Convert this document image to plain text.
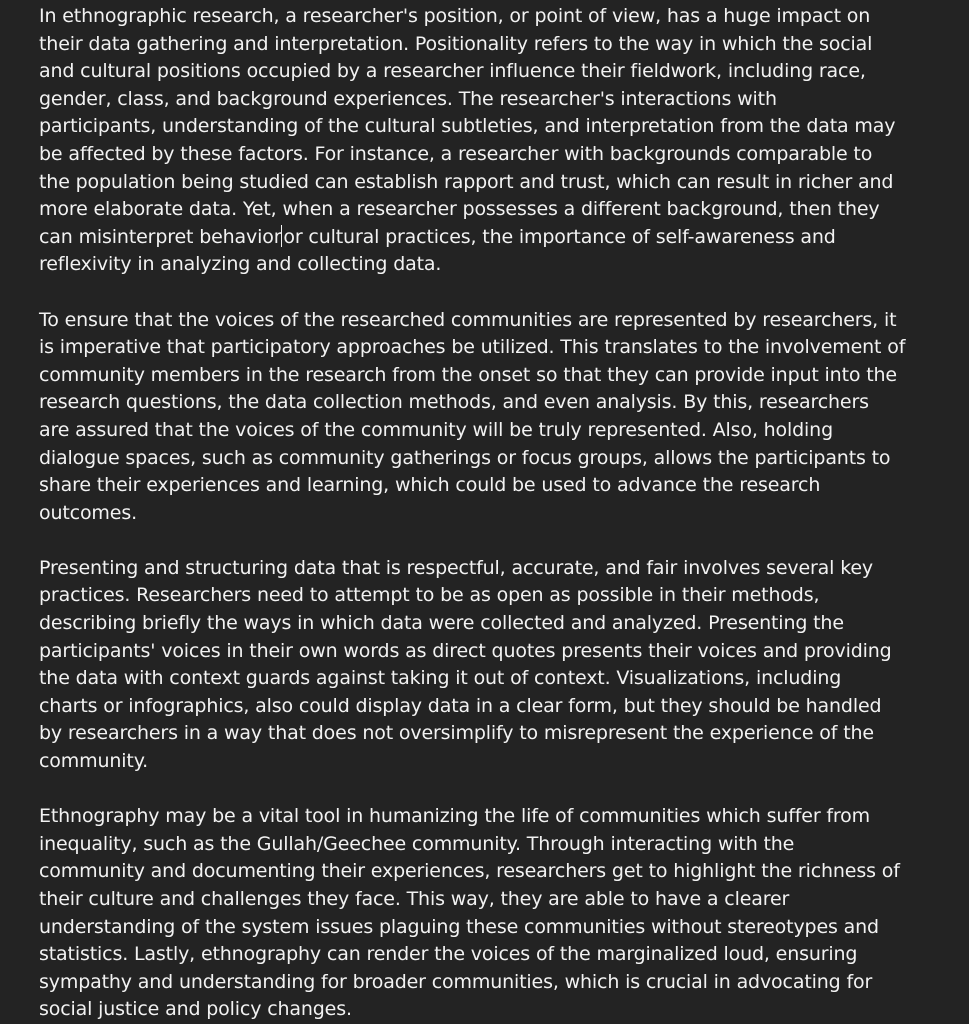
In ethnographic research, a researcher's position, or point of view, has a huge impact on
their data gathering and interpretation. Positionality refers to the way in which the social
and cultural positions occupied by a researcher influence their fieldwork, including race,
gender, class, and background experiences. The researcher's interactions with
participants, understanding of the cultural subtleties, and interpretation from the data may
be affected by these factors. For instance, a researcher with backgrounds comparable to
the population being studied can establish rapport and trust, which can result in richer and
more elaborate data. Yet, when a researcher possesses a different background, then they
can misinterpret behavior or cultural practices, the importance of self-awareness and
reflexivity in analyzing and collecting data.
To ensure that the voices of the researched communities are represented by researchers, it
is imperative that participatory approaches be utilized. This translates to the involvement of
community members in the research from the onset so that they can provide input into the
research questions, the data collection methods, and even analysis. By this, researchers
are assured that the voices of the community will be truly represented. Also, holding
dialogue spaces, such as community gatherings or focus groups, allows the participants to
share their experiences and learning, which could be used to advance the research
outcomes.
Presenting and structuring data that is respectful, accurate, and fair involves several key
practices. Researchers need to attempt to be as open as possible in their methods,
describing briefly the ways in which data were collected and analyzed. Presenting the
participants' voices in their own words as direct quotes presents their voices and providing
the data with context guards against taking it out of context. Visualizations, including
charts or infographics, also could display data in a clear form, but they should be handled
by researchers in a way that does not oversimplify to misrepresent the experience of the
community.
Ethnography may be a vital tool in humanizing the life of communities which suffer from
inequality, such as the Gullah/Geechee community. Through interacting with the
community and documenting their experiences, researchers get to highlight the richness of
their culture and challenges they face. This way, they are able to have a clearer
understanding of the system issues plaguing these communities without stereotypes and
statistics. Lastly, ethnography can render the voices of the marginalized loud, ensuring
sympathy and understanding for broader communities, which is crucial in advocating for
social justice and policy changes.
